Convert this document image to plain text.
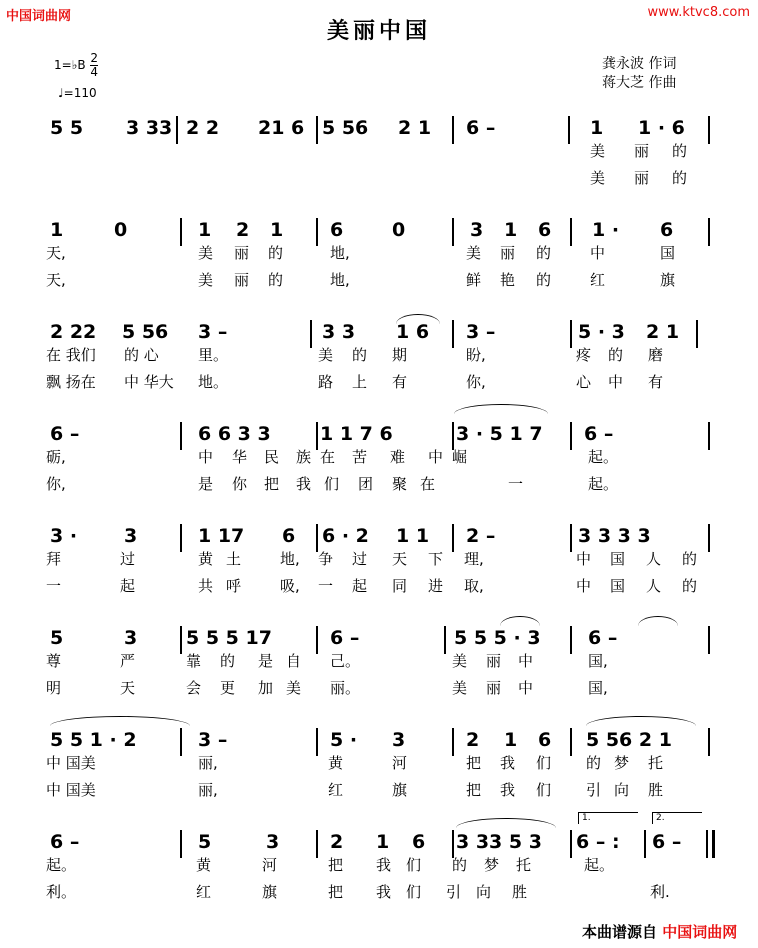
中国词曲网	www.ktvc8.com
美丽中国
1=♭B $\frac{2}{4}$
♩=110
龚永波 作词
蒋大芝 作曲
5 5 3 33 2 2 21 6 5 56 2 1 6 –	1 1 · 6
美 丽 的
美 丽 的
1	0	1 2 1 6	0	3 1 6 1 · 6
天,	美 丽 的	地,	美 丽 的	中	国
天,	美 丽 的	地,	鲜 艳 的	红	旗
2 22 5 56 3 –	3 3 1 6 3 –	5 · 3 2 1
在 我们 的 心	里。	美 的 期	盼,	疼 的 磨
飘 扬在 中 华大 地。	路 上 有	你,	心 中 有
6 –	6 6 3 3	1 1 7 6	3 · 5 1 7 6 –
砺,	中 华 民 族 在 苦 难 中 崛	起。
你,	是 你 把 我 们 团 聚 在	一	起。
3 · 3	1 17 6 6 · 2 1 1 2 –	3 3 3 3
拜	过	黄 土	地, 争 过 天 下 理,	中 国 人 的
一	起	共 呼	吸, 一 起 同 进 取,	中 国 人 的
5	3	5 5 5 17	6 –	5 5 5 · 3 6 –
尊	严	靠 的 是 自 己。	美 丽 中	国,
明	天	会 更 加 美 丽。	美 丽 中	国,
5 5 1 · 2	3 –	5 · 3	2 1 6 5 56 2 1
中 国美	丽,	黄	河	把 我 们 的 梦 托
中 国美	丽,	红	旗	把 我 们 引 向 胜
6 –	5	3	2 1 6 3 33 5 3 6 – : 6 –
起。	黄	河	把 我 们 的 梦 托	起。
利。	红	旗	把 我 们 引 向 胜	利.
1.	2.
本曲谱源自 中国词曲网
